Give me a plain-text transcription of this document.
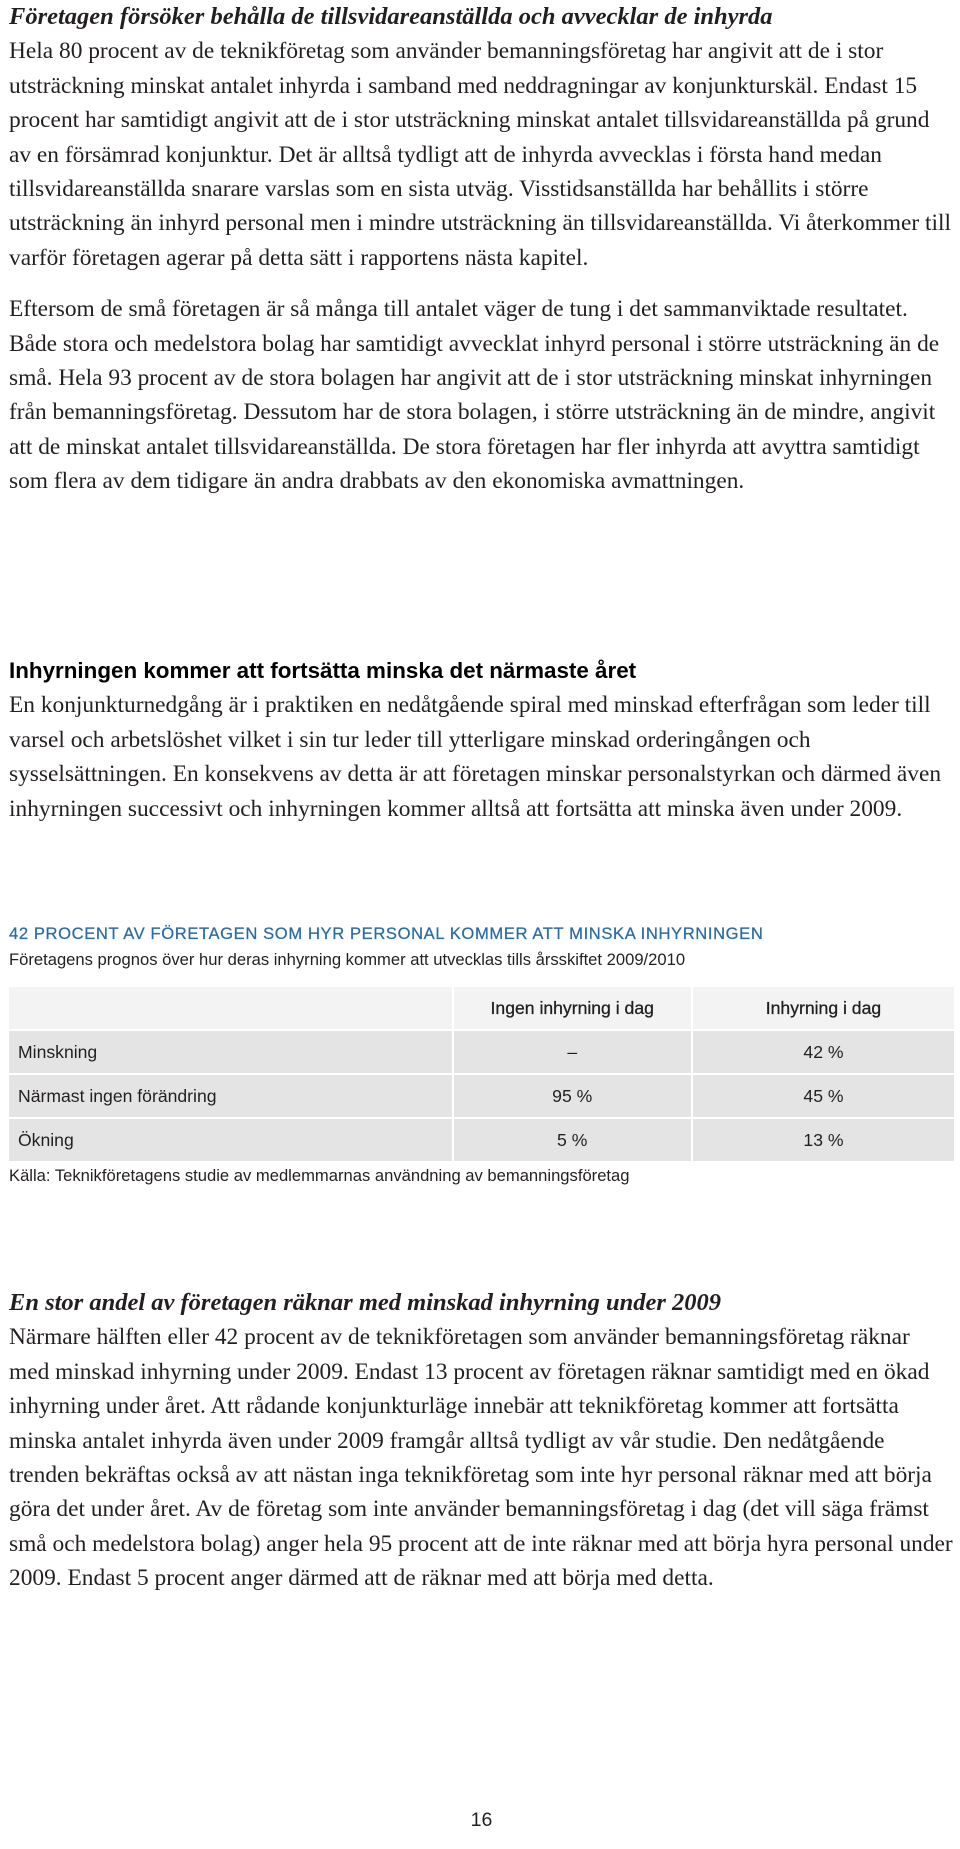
Företagen försöker behålla de tillsvidareanställda och avvecklar de inhyrda

Hela 80 procent av de teknikföretag som använder bemanningsföretag har angivit att de i stor utsträckning minskat antalet inhyrda i samband med neddragningar av konjunkturskäl. Endast 15 procent har samtidigt angivit att de i stor utsträckning minskat antalet tillsvidareanställda på grund av en försämrad konjunktur. Det är alltså tydligt att de inhyrda avvecklas i första hand medan tillsvidareanställda snarare varslas som en sista utväg. Visstidsanställda har behållits i större utsträckning än inhyrd personal men i mindre utsträckning än tillsvidareanställda. Vi återkommer till varför företagen agerar på detta sätt i rapportens nästa kapitel.

Eftersom de små företagen är så många till antalet väger de tung i det sammanviktade resultatet. Både stora och medelstora bolag har samtidigt avvecklat inhyrd personal i större utsträckning än de små. Hela 93 procent av de stora bolagen har angivit att de i stor utsträckning minskat inhyrningen från bemanningsföretag. Dessutom har de stora bolagen, i större utsträckning än de mindre, angivit att de minskat antalet tillsvidareanställda. De stora företagen har fler inhyrda att avyttra samtidigt som flera av dem tidigare än andra drabbats av den ekonomiska avmattningen.

Inhyrningen kommer att fortsätta minska det närmaste året

En konjunkturnedgång är i praktiken en nedåtgående spiral med minskad efterfrågan som leder till varsel och arbetslöshet vilket i sin tur leder till ytterligare minskad orderingången och sysselsättningen. En konsekvens av detta är att företagen minskar personalstyrkan och därmed även inhyrningen successivt och inhyrningen kommer alltså att fortsätta att minska även under 2009.

42 PROCENT AV FÖRETAGEN SOM HYR PERSONAL KOMMER ATT MINSKA INHYRNINGEN
Företagens prognos över hur deras inhyrning kommer att utvecklas tills årsskiftet 2009/2010
	Ingen inhyrning i dag	Inhyrning i dag
Minskning	–	42 %
Närmast ingen förändring	95 %	45 %
Ökning	5 %	13 %
Källa: Teknikföretagens studie av medlemmarnas användning av bemanningsföretag
En stor andel av företagen räknar med minskad inhyrning under 2009

Närmare hälften eller 42 procent av de teknikföretagen som använder bemanningsföretag räknar med minskad inhyrning under 2009. Endast 13 procent av företagen räknar samtidigt med en ökad inhyrning under året. Att rådande konjunkturläge innebär att teknikföretag kommer att fortsätta minska antalet inhyrda även under 2009 framgår alltså tydligt av vår studie. Den nedåtgående trenden bekräftas också av att nästan inga teknikföretag som inte hyr personal räknar med att börja göra det under året. Av de företag som inte använder bemanningsföretag i dag (det vill säga främst små och medelstora bolag) anger hela 95 procent att de inte räknar med att börja hyra personal under 2009. Endast 5 procent anger därmed att de räknar med att börja med detta.

16
